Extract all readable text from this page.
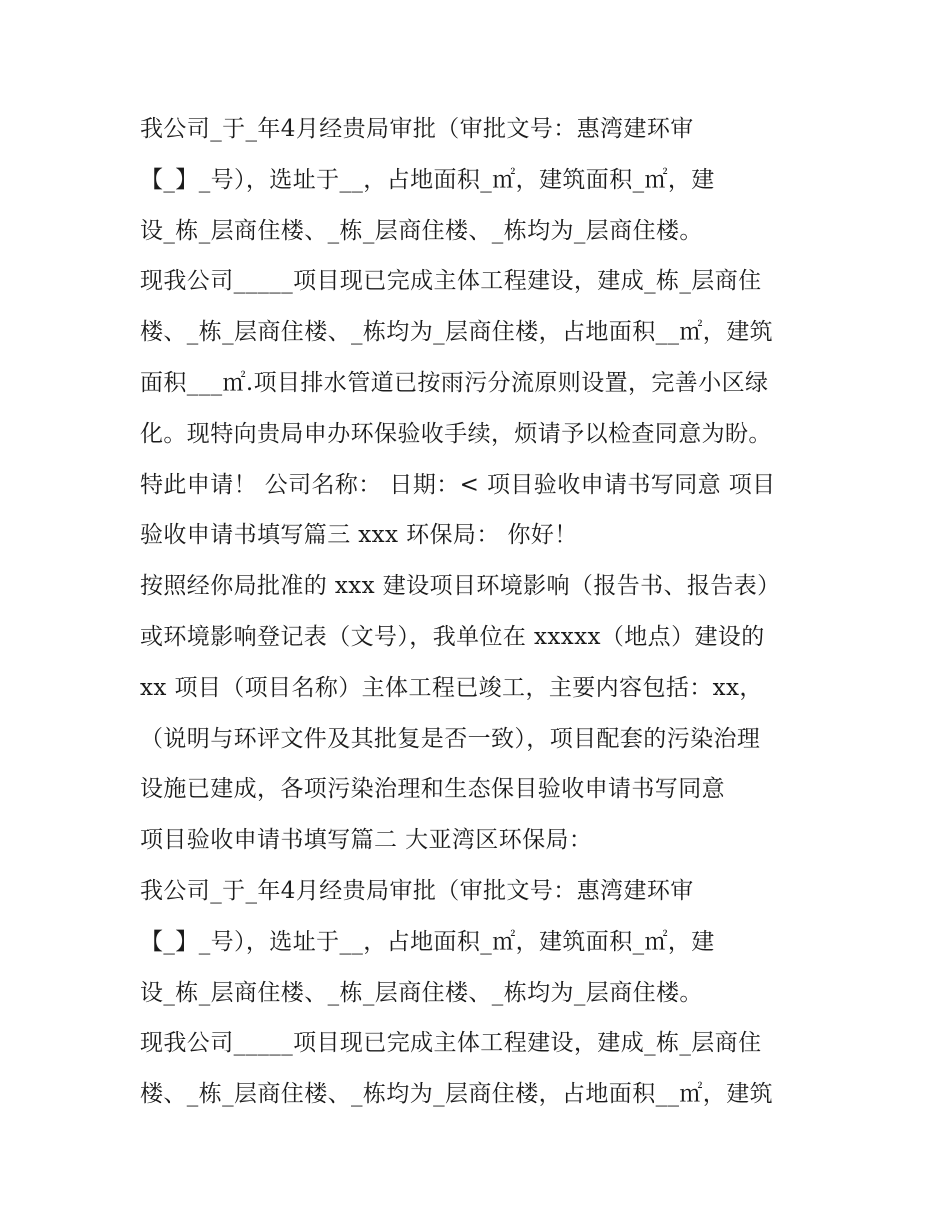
我公司_于_年4月经贵局审批（审批文号：惠湾建环审
【_】_号），选址于__，占地面积_㎡，建筑面积_㎡，建
设_栋_层商住楼、_栋_层商住楼、_栋均为_层商住楼。
现我公司_____项目现已完成主体工程建设，建成_栋_层商住
楼、_栋_层商住楼、_栋均为_层商住楼，占地面积__㎡，建筑
面积___㎡.项目排水管道已按雨污分流原则设置，完善小区绿
化。现特向贵局申办环保验收手续，烦请予以检查同意为盼。
特此申请！ 公司名称： 日期：< 项目验收申请书写同意 项目
验收申请书填写篇三 xxx 环保局： 你好！
按照经你局批准的 xxx 建设项目环境影响（报告书、报告表）
或环境影响登记表（文号），我单位在 xxxxx（地点）建设的
xx 项目（项目名称）主体工程已竣工，主要内容包括：xx，
（说明与环评文件及其批复是否一致），项目配套的污染治理
设施已建成，各项污染治理和生态保目验收申请书写同意
项目验收申请书填写篇二 大亚湾区环保局：
我公司_于_年4月经贵局审批（审批文号：惠湾建环审
【_】_号），选址于__，占地面积_㎡，建筑面积_㎡，建
设_栋_层商住楼、_栋_层商住楼、_栋均为_层商住楼。
现我公司_____项目现已完成主体工程建设，建成_栋_层商住
楼、_栋_层商住楼、_栋均为_层商住楼，占地面积__㎡，建筑
